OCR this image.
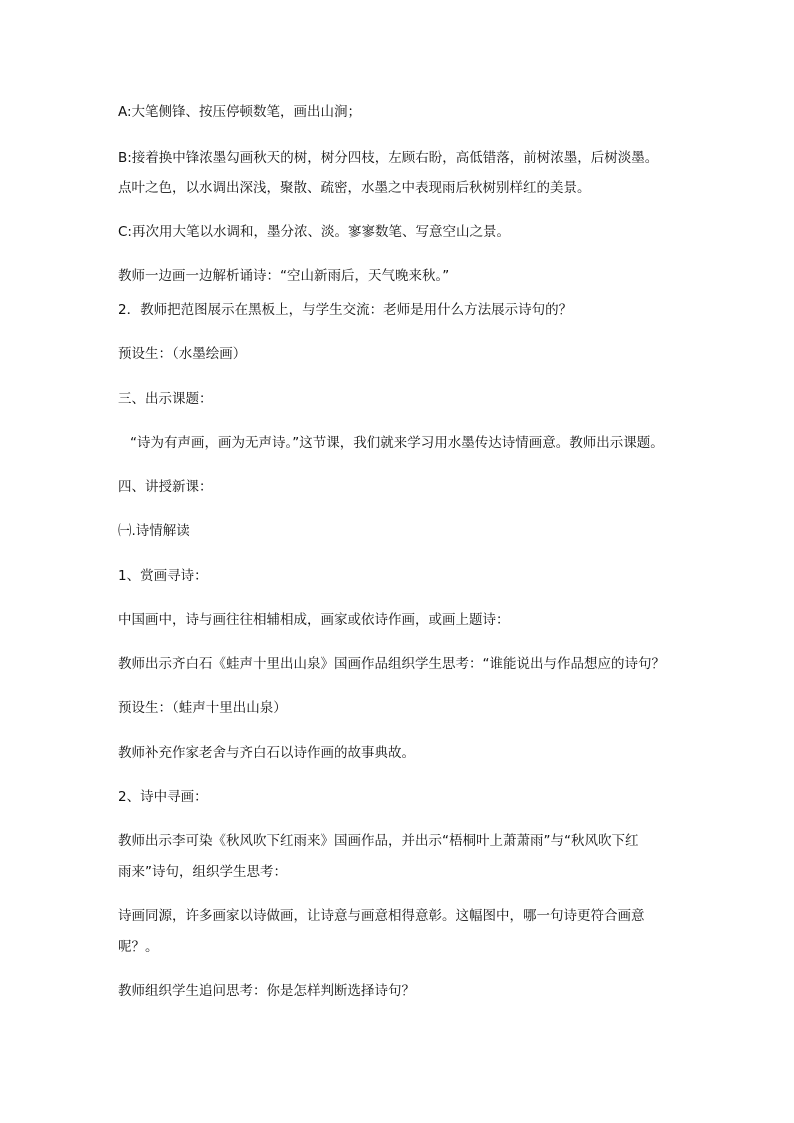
A:大笔侧锋、按压停顿数笔，画出山涧；
B:接着换中锋浓墨勾画秋天的树，树分四枝，左顾右盼，高低错落，前树浓墨，后树淡墨。
点叶之色，以水调出深浅，聚散、疏密，水墨之中表现雨后秋树别样红的美景。
C:再次用大笔以水调和，墨分浓、淡。寥寥数笔、写意空山之景。
教师一边画一边解析诵诗：“空山新雨后，天气晚来秋。”
2．教师把范图展示在黑板上，与学生交流：老师是用什么方法展示诗句的？
预设生：（水墨绘画）
三、出示课题：
“诗为有声画，画为无声诗。”这节课，我们就来学习用水墨传达诗情画意。教师出示课题。
四、讲授新课：
㈠.诗情解读
1、赏画寻诗：
中国画中，诗与画往往相辅相成，画家或依诗作画，或画上题诗：
教师出示齐白石《蛙声十里出山泉》国画作品组织学生思考：“谁能说出与作品想应的诗句？
预设生：（蛙声十里出山泉）
教师补充作家老舍与齐白石以诗作画的故事典故。
2、诗中寻画：
教师出示李可染《秋风吹下红雨来》国画作品，并出示“梧桐叶上萧萧雨”与“秋风吹下红
雨来”诗句，组织学生思考：
诗画同源，许多画家以诗做画，让诗意与画意相得意彰。这幅图中，哪一句诗更符合画意
呢？。
教师组织学生追问思考：你是怎样判断选择诗句？
